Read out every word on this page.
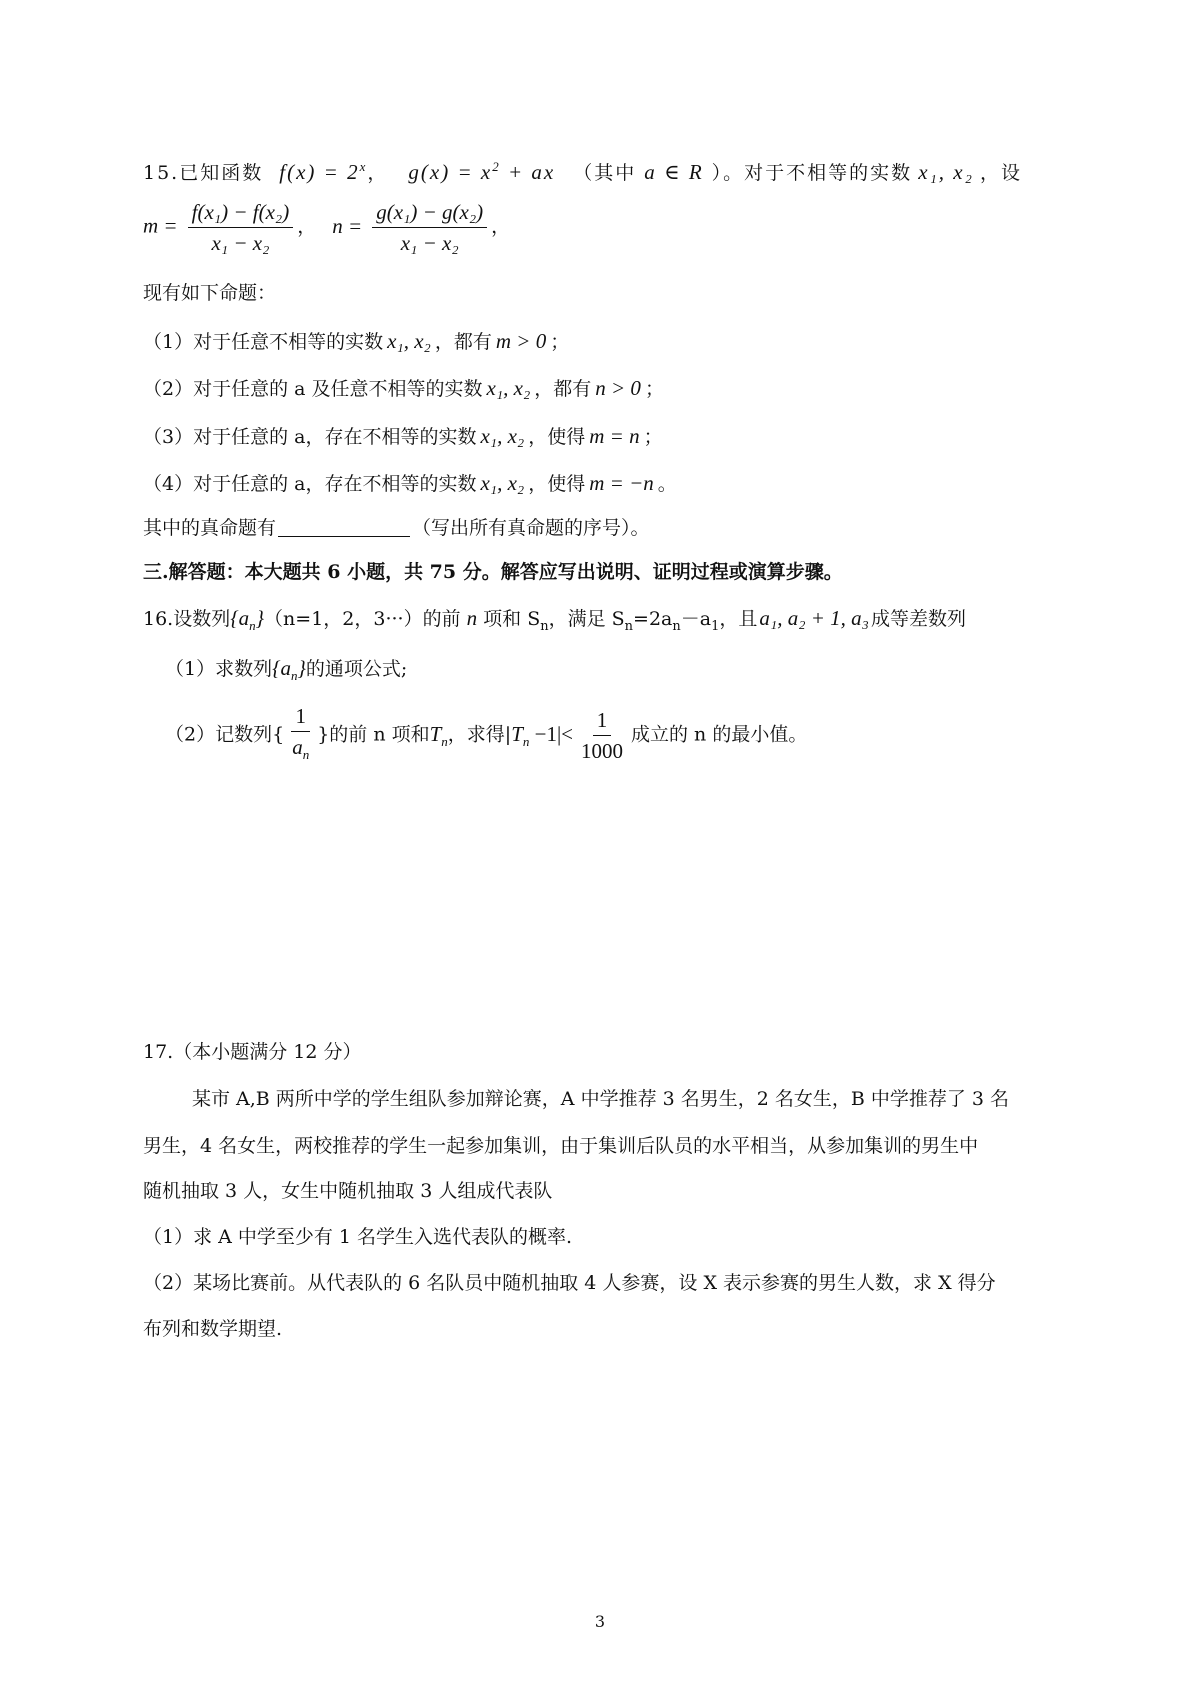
15.已知函数 $f(x) = 2^x$， $g(x) = x^2$ + ax （其中 a ∈ R ）。对于不相等的实数 x₁, x₂ ，设
$m = \frac{\text{f(x₁) − f(x₂)}}{\text{x₁ − x₂}}$ ， $n = \frac{\text{g(x₁) − g(x₂)}}{\text{x₁ − x₂}}$ ，
现有如下命题：
（1）对于任意不相等的实数 x₁, x₂ ，都有 m > 0 ；
（2）对于任意的 a 及任意不相等的实数 x₁, x₂ ，都有 n > 0 ；
（3）对于任意的 a，存在不相等的实数 x₁, x₂ ，使得 m = n ；
（4）对于任意的 a，存在不相等的实数 x₁, x₂ ，使得 m = −n 。
其中的真命题有	（写出所有真命题的序号）。
三.解答题：本大题共 6 小题，共 75 分。解答应写出说明、证明过程或演算步骤。
16.设数列$\{a_n\}(n=1$，2，3···）的前 n 项和 $S_n$，满足 $S_n=2a_n-a_1$，且a₁, a₂ + 1, a₃ 成等差数列
（1）求数列$\{a_n\}$的通项公式;
（2）记数列{ $\frac{1}{a_n}$ }的前 n 项和$T_n$，求得$|T_n -1|< \frac{1}{1000}$ 成立的 n 的最小值。
17.（本小题满分 12 分）
某市 A,B 两所中学的学生组队参加辩论赛，A 中学推荐 3 名男生，2 名女生，B 中学推荐了 3 名
男生，4 名女生，两校推荐的学生一起参加集训，由于集训后队员的水平相当，从参加集训的男生中
随机抽取 3 人，女生中随机抽取 3 人组成代表队
（1）求 A 中学至少有 1 名学生入选代表队的概率.
（2）某场比赛前。从代表队的 6 名队员中随机抽取 4 人参赛，设 X 表示参赛的男生人数，求 X 得分
布列和数学期望.
3
